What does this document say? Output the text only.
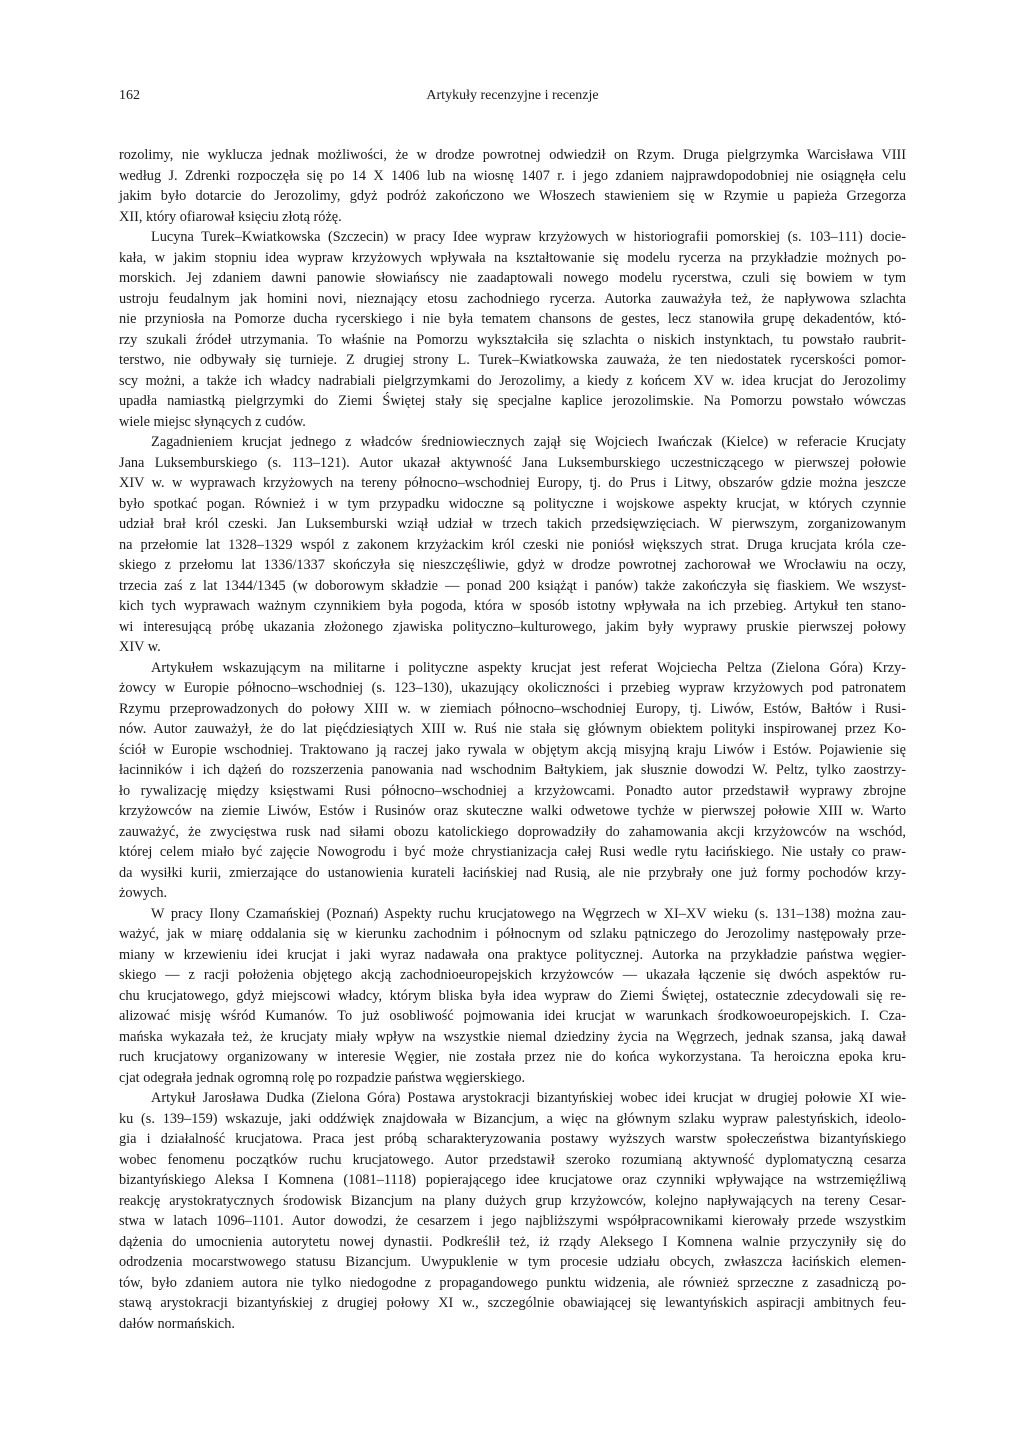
162	Artykuły recenzyjne i recenzje
rozolimy, nie wyklucza jednak możliwości, że w drodze powrotnej odwiedził on Rzym. Druga pielgrzymka Warcisława VIII
według J. Zdrenki rozpoczęła się po 14 X 1406 lub na wiosnę 1407 r. i jego zdaniem najprawdopodobniej nie osiągnęła celu
jakim było dotarcie do Jerozolimy, gdyż podróż zakończono we Włoszech stawieniem się w Rzymie u papieża Grzegorza
XII, który ofiarował księciu złotą różę.
Lucyna Turek–Kwiatkowska (Szczecin) w pracy Idee wypraw krzyżowych w historiografii pomorskiej (s. 103–111) docie-
kała, w jakim stopniu idea wypraw krzyżowych wpływała na kształtowanie się modelu rycerza na przykładzie możnych po-
morskich. Jej zdaniem dawni panowie słowiańscy nie zaadaptowali nowego modelu rycerstwa, czuli się bowiem w tym
ustroju feudalnym jak homini novi, nieznający etosu zachodniego rycerza. Autorka zauważyła też, że napływowa szlachta
nie przyniosła na Pomorze ducha rycerskiego i nie była tematem chansons de gestes, lecz stanowiła grupę dekadentów, któ-
rzy szukali źródeł utrzymania. To właśnie na Pomorzu wykształciła się szlachta o niskich instynktach, tu powstało raubrit-
terstwo, nie odbywały się turnieje. Z drugiej strony L. Turek–Kwiatkowska zauważa, że ten niedostatek rycerskości pomor-
scy możni, a także ich władcy nadrabiali pielgrzymkami do Jerozolimy, a kiedy z końcem XV w. idea krucjat do Jerozolimy
upadła namiastką pielgrzymki do Ziemi Świętej stały się specjalne kaplice jerozolimskie. Na Pomorzu powstało wówczas
wiele miejsc słynących z cudów.
Zagadnieniem krucjat jednego z władców średniowiecznych zajął się Wojciech Iwańczak (Kielce) w referacie Krucjaty
Jana Luksemburskiego (s. 113–121). Autor ukazał aktywność Jana Luksemburskiego uczestniczącego w pierwszej połowie
XIV w. w wyprawach krzyżowych na tereny północno–wschodniej Europy, tj. do Prus i Litwy, obszarów gdzie można jeszcze
było spotkać pogan. Również i w tym przypadku widoczne są polityczne i wojskowe aspekty krucjat, w których czynnie
udział brał król czeski. Jan Luksemburski wziął udział w trzech takich przedsięwzięciach. W pierwszym, zorganizowanym
na przełomie lat 1328–1329 wspól z zakonem krzyżackim król czeski nie poniósł większych strat. Druga krucjata króla cze-
skiego z przełomu lat 1336/1337 skończyła się nieszczęśliwie, gdyż w drodze powrotnej zachorował we Wrocławiu na oczy,
trzecia zaś z lat 1344/1345 (w doborowym składzie — ponad 200 książąt i panów) także zakończyła się fiaskiem. We wszyst-
kich tych wyprawach ważnym czynnikiem była pogoda, która w sposób istotny wpływała na ich przebieg. Artykuł ten stano-
wi interesującą próbę ukazania złożonego zjawiska polityczno–kulturowego, jakim były wyprawy pruskie pierwszej połowy
XIV w.
Artykułem wskazującym na militarne i polityczne aspekty krucjat jest referat Wojciecha Peltza (Zielona Góra) Krzy-
żowcy w Europie północno–wschodniej (s. 123–130), ukazujący okoliczności i przebieg wypraw krzyżowych pod patronatem
Rzymu przeprowadzonych do połowy XIII w. w ziemiach północno–wschodniej Europy, tj. Liwów, Estów, Bałtów i Rusi-
nów. Autor zauważył, że do lat pięćdziesiątych XIII w. Ruś nie stała się głównym obiektem polityki inspirowanej przez Ko-
ściół w Europie wschodniej. Traktowano ją raczej jako rywala w objętym akcją misyjną kraju Liwów i Estów. Pojawienie się
łacinników i ich dążeń do rozszerzenia panowania nad wschodnim Bałtykiem, jak słusznie dowodzi W. Peltz, tylko zaostrzy-
ło rywalizację między księstwami Rusi północno–wschodniej a krzyżowcami. Ponadto autor przedstawił wyprawy zbrojne
krzyżowców na ziemie Liwów, Estów i Rusinów oraz skuteczne walki odwetowe tychże w pierwszej połowie XIII w. Warto
zauważyć, że zwycięstwa rusk nad siłami obozu katolickiego doprowadziły do zahamowania akcji krzyżowców na wschód,
której celem miało być zajęcie Nowogrodu i być może chrystianizacja całej Rusi wedle rytu łacińskiego. Nie ustały co praw-
da wysiłki kurii, zmierzające do ustanowienia kurateli łacińskiej nad Rusią, ale nie przybrały one już formy pochodów krzy-
żowych.
W pracy Ilony Czamańskiej (Poznań) Aspekty ruchu krucjatowego na Węgrzech w XI–XV wieku (s. 131–138) można zau-
ważyć, jak w miarę oddalania się w kierunku zachodnim i północnym od szlaku pątniczego do Jerozolimy następowały prze-
miany w krzewieniu idei krucjat i jaki wyraz nadawała ona praktyce politycznej. Autorka na przykładzie państwa węgier-
skiego — z racji położenia objętego akcją zachodnioeuropejskich krzyżowców — ukazała łączenie się dwóch aspektów ru-
chu krucjatowego, gdyż miejscowi władcy, którym bliska była idea wypraw do Ziemi Świętej, ostatecznie zdecydowali się re-
alizować misję wśród Kumanów. To już osobliwość pojmowania idei krucjat w warunkach środkowoeuropejskich. I. Cza-
mańska wykazała też, że krucjaty miały wpływ na wszystkie niemal dziedziny życia na Węgrzech, jednak szansa, jaką dawał
ruch krucjatowy organizowany w interesie Węgier, nie została przez nie do końca wykorzystana. Ta heroiczna epoka kru-
cjat odegrała jednak ogromną rolę po rozpadzie państwa węgierskiego.
Artykuł Jarosława Dudka (Zielona Góra) Postawa arystokracji bizantyńskiej wobec idei krucjat w drugiej połowie XI wie-
ku (s. 139–159) wskazuje, jaki oddźwięk znajdowała w Bizancjum, a więc na głównym szlaku wypraw palestyńskich, ideolo-
gia i działalność krucjatowa. Praca jest próbą scharakteryzowania postawy wyższych warstw społeczeństwa bizantyńskiego
wobec fenomenu początków ruchu krucjatowego. Autor przedstawił szeroko rozumianą aktywność dyplomatyczną cesarza
bizantyńskiego Aleksa I Komnena (1081–1118) popierającego idee krucjatowe oraz czynniki wpływające na wstrzemięźliwą
reakcję arystokratycznych środowisk Bizancjum na plany dużych grup krzyżowców, kolejno napływających na tereny Cesar-
stwa w latach 1096–1101. Autor dowodzi, że cesarzem i jego najbliższymi współpracownikami kierowały przede wszystkim
dążenia do umocnienia autorytetu nowej dynastii. Podkreślił też, iż rządy Aleksego I Komnena walnie przyczyniły się do
odrodzenia mocarstwowego statusu Bizancjum. Uwypuklenie w tym procesie udziału obcych, zwłaszcza łacińskich elemen-
tów, było zdaniem autora nie tylko niedogodne z propagandowego punktu widzenia, ale również sprzeczne z zasadniczą po-
stawą arystokracji bizantyńskiej z drugiej połowy XI w., szczególnie obawiającej się lewantyńskich aspiracji ambitnych feu-
dałów normańskich.
